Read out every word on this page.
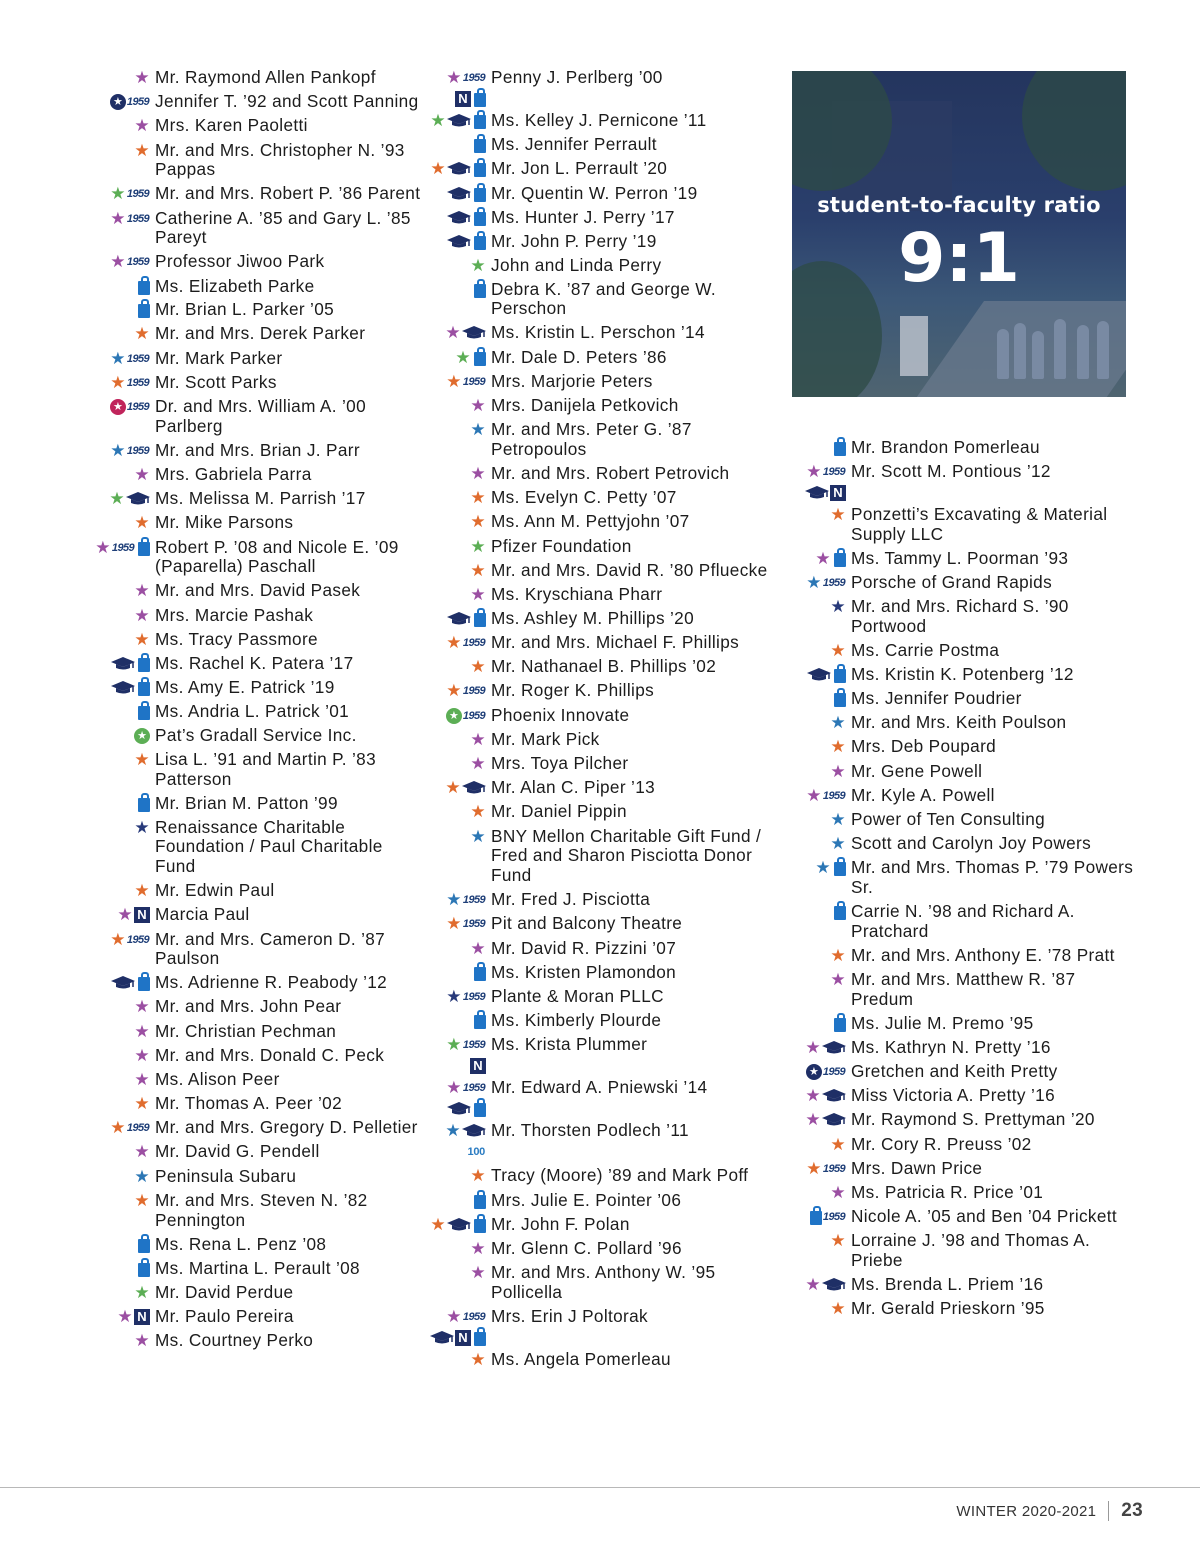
★ Mr. Raymond Allen Pankopf
★ 1959 Jennifer T. ’92 and Scott Panning
★ Mrs. Karen Paoletti
★ Mr. and Mrs. Christopher N. ’93 Pappas
★ 1959 Mr. and Mrs. Robert P. ’86 Parent
★ 1959 Catherine A. ’85 and Gary L. ’85 Pareyt
★ 1959 Professor Jiwoo Park
Ms. Elizabeth Parke
Mr. Brian L. Parker ’05
★ Mr. and Mrs. Derek Parker
★ 1959 Mr. Mark Parker
★ 1959 Mr. Scott Parks
★ 1959 Dr. and Mrs. William A. ’00 Parlberg
★ 1959 Mr. and Mrs. Brian J. Parr
★ Mrs. Gabriela Parra
★ Ms. Melissa M. Parrish ’17
★ Mr. Mike Parsons
★ 1959 Robert P. ’08 and Nicole E. ’09 (Paparella) Paschall
★ Mr. and Mrs. David Pasek
★ Mrs. Marcie Pashak
★ Ms. Tracy Passmore
Ms. Rachel K. Patera ’17
Ms. Amy E. Patrick ’19
Ms. Andria L. Patrick ’01
★ Pat’s Gradall Service Inc.
★ Lisa L. ’91 and Martin P. ’83 Patterson
Mr. Brian M. Patton ’99
★ Renaissance Charitable Foundation / Paul Charitable Fund
★ Mr. Edwin Paul
★ N Marcia Paul
★ 1959 Mr. and Mrs. Cameron D. ’87 Paulson
Ms. Adrienne R. Peabody ’12
★ Mr. and Mrs. John Pear
★ Mr. Christian Pechman
★ Mr. and Mrs. Donald C. Peck
★ Ms. Alison Peer
★ Mr. Thomas A. Peer ’02
★ 1959 Mr. and Mrs. Gregory D. Pelletier
★ Mr. David G. Pendell
★ Peninsula Subaru
★ Mr. and Mrs. Steven N. ’82 Pennington
Ms. Rena L. Penz ’08
Ms. Martina L. Perault ’08
★ Mr. David Perdue
★ N Mr. Paulo Pereira
★ Ms. Courtney Perko
★ 1959
N
Penny J. Perlberg ’00
★	Ms. Kelley J. Pernicone ’11
Ms. Jennifer Perrault
★	Mr. Jon L. Perrault ’20
Mr. Quentin W. Perron ’19
Ms. Hunter J. Perry ’17
Mr. John P. Perry ’19
★ John and Linda Perry
Debra K. ’87 and George W. Perschon
★ Ms. Kristin L. Perschon ’14
★ Mr. Dale D. Peters ’86
★ 1959 Mrs. Marjorie Peters
★ Mrs. Danijela Petkovich
★ Mr. and Mrs. Peter G. ’87 Petropoulos
★ Mr. and Mrs. Robert Petrovich
★ Ms. Evelyn C. Petty ’07
★ Ms. Ann M. Pettyjohn ’07
★ Pfizer Foundation
★ Mr. and Mrs. David R. ’80 Pfluecke
★ Ms. Kryschiana Pharr
Ms. Ashley M. Phillips ’20
★ 1959 Mr. and Mrs. Michael F. Phillips
★ Mr. Nathanael B. Phillips ’02
★ 1959 Mr. Roger K. Phillips
★ 1959 Phoenix Innovate
★ Mr. Mark Pick
★ Mrs. Toya Pilcher
★ Mr. Alan C. Piper ’13
★ Mr. Daniel Pippin
★ BNY Mellon Charitable Gift Fund / Fred and Sharon Pisciotta Donor Fund
★ 1959 Mr. Fred J. Pisciotta
★ 1959 Pit and Balcony Theatre
★ Mr. David R. Pizzini ’07
Ms. Kristen Plamondon
★ 1959 Plante & Moran PLLC
Ms. Kimberly Plourde
★ 1959
N
Ms. Krista Plummer
★ 1959 Mr. Edward A. Pniewski ’14
★
100
Mr. Thorsten Podlech ’11
★ Tracy (Moore) ’89 and Mark Poff
Mrs. Julie E. Pointer ’06
★	Mr. John F. Polan
★ Mr. Glenn C. Pollard ’96
★ Mr. and Mrs. Anthony W. ’95 Pollicella
★ 1959
N
Mrs. Erin J Poltorak
★ Ms. Angela Pomerleau
student-to-faculty ratio
9:1
Mr. Brandon Pomerleau
★ 1959
N
Mr. Scott M. Pontious ’12
★ Ponzetti’s Excavating & Material Supply LLC
★ Ms. Tammy L. Poorman ’93
★ 1959 Porsche of Grand Rapids
★ Mr. and Mrs. Richard S. ’90 Portwood
★ Ms. Carrie Postma
Ms. Kristin K. Potenberg ’12
Ms. Jennifer Poudrier
★ Mr. and Mrs. Keith Poulson
★ Mrs. Deb Poupard
★ Mr. Gene Powell
★ 1959 Mr. Kyle A. Powell
★ Power of Ten Consulting
★ Scott and Carolyn Joy Powers
★ Mr. and Mrs. Thomas P. ’79 Powers Sr.
Carrie N. ’98 and Richard A. Pratchard
★ Mr. and Mrs. Anthony E. ’78 Pratt
★ Mr. and Mrs. Matthew R. ’87 Predum
Ms. Julie M. Premo ’95
★ Ms. Kathryn N. Pretty ’16
★ 1959 Gretchen and Keith Pretty
★ Miss Victoria A. Pretty ’16
★ Mr. Raymond S. Prettyman ’20
★ Mr. Cory R. Preuss ’02
★ 1959 Mrs. Dawn Price
★ Ms. Patricia R. Price ’01
1959 Nicole A. ’05 and Ben ’04 Prickett
★ Lorraine J. ’98 and Thomas A. Priebe
★ Ms. Brenda L. Priem ’16
★ Mr. Gerald Prieskorn ’95
WINTER 2020-2021 23
